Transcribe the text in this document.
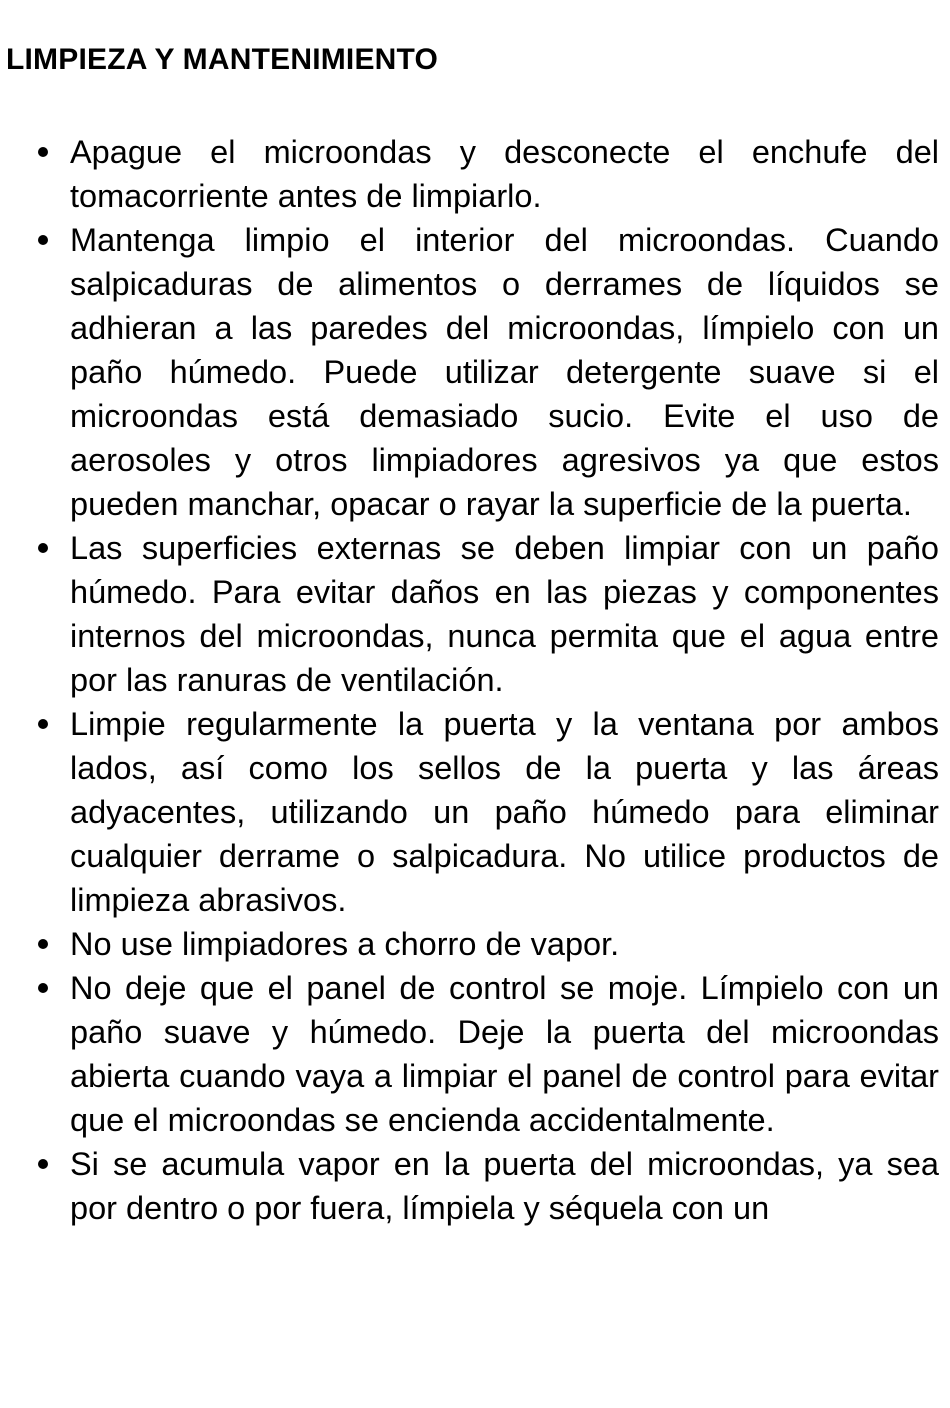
LIMPIEZA Y MANTENIMIENTO
Apague el microondas y desconecte el enchufe del tomacorriente antes de limpiarlo.
Mantenga limpio el interior del microondas. Cuando salpicaduras de alimentos o derrames de líquidos se adhieran a las paredes del microondas, límpielo con un paño húmedo. Puede utilizar detergente suave si el microondas está demasiado sucio. Evite el uso de aerosoles y otros limpiadores agresivos ya que estos pueden manchar, opacar o rayar la superficie de la puerta.
Las superficies externas se deben limpiar con un paño húmedo. Para evitar daños en las piezas y componentes internos del microondas, nunca permita que el agua entre por las ranuras de ventilación.
Limpie regularmente la puerta y la ventana por ambos lados, así como los sellos de la puerta y las áreas adyacentes, utilizando un paño húmedo para eliminar cualquier derrame o salpicadura. No utilice productos de limpieza abrasivos.
No use limpiadores a chorro de vapor.
No deje que el panel de control se moje. Límpielo con un paño suave y húmedo. Deje la puerta del microondas abierta cuando vaya a limpiar el panel de control para evitar que el microondas se encienda accidentalmente.
Si se acumula vapor en la puerta del microondas, ya sea por dentro o por fuera, límpiela y séquela con un
